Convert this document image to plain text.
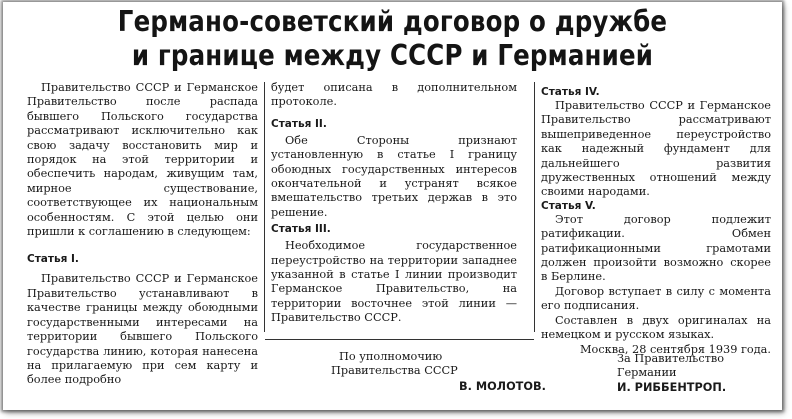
Германо-советский договор о дружбе
и границе между СССР и Германией

Правительство СССР и Германское Правительство после распада бывшего Польского государства рассматривают исключительно как свою задачу восстановить мир и порядок на этой территории и обеспечить народам, живущим там, мирное существование, соответствующее их национальным особенностям. С этой целью они пришли к соглашению в следующем:

Статья I.

Правительство СССР и Германское Правительство устанавливают в качестве границы между обоюдными государственными интересами на территории бывшего Польского государства линию, которая нанесена на прилагаемую при сем карту и более подробно

будет описана в дополнительном протоколе.

Статья II.

Обе Стороны признают установленную в статье I границу обоюдных государственных интересов окончательной и устранят всякое вмешательство третьих держав в это решение.

Статья III.

Необходимое государственное переустройство на территории западнее указанной в статье I линии производит Германское Правительство, на территории восточнее этой линии — Правительство СССР.

Статья IV.

Правительство СССР и Германское Правительство рассматривают вышеприведенное переустройство как надежный фундамент для дальнейшего развития дружественных отношений между своими народами.

Статья V.

Этот договор подлежит ратификации. Обмен ратификационными грамотами должен произойти возможно скорее в Берлине.

Договор вступает в силу с момента его подписания.

Составлен в двух оригиналах на немецком и русском языках.

Москва, 28 сентября 1939 года.

По уполномочию
Правительства СССР
В. МОЛОТОВ.
За Правительство
Германии
И. РИББЕНТРОП.
